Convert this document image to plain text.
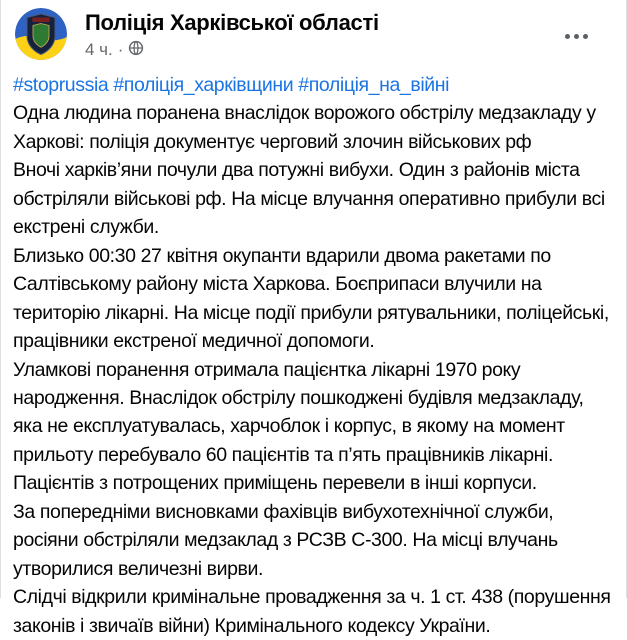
Поліція Харківської області
4 ч. ·
#stoprussia #поліція_харківщини #поліція_на_війні
Одна людина поранена внаслідок ворожого обстрілу медзакладу у Харкові: поліція документує черговий злочин військових рф
Вночі харків’яни почули два потужні вибухи. Один з районів міста обстріляли військові рф. На місце влучання оперативно прибули всі екстрені служби.
Близько 00:30 27 квітня окупанти вдарили двома ракетами по Салтівському району міста Харкова. Боєприпаси влучили на територію лікарні. На місце події прибули рятувальники, поліцейські, працівники екстреної медичної допомоги.
Уламкові поранення отримала пацієнтка лікарні 1970 року народження. Внаслідок обстрілу пошкоджені будівля медзакладу, яка не експлуатувалась, харчоблок і корпус, в якому на момент прильоту перебувало 60 пацієнтів та п’ять працівників лікарні.
Пацієнтів з потрощених приміщень перевели в інші корпуси.
За попередніми висновками фахівців вибухотехнічної служби, росіяни обстріляли медзаклад з РСЗВ С-300. На місці влучань утворилися величезні вирви.
Слідчі відкрили кримінальне провадження за ч. 1 ст. 438 (порушення законів і звичаїв війни) Кримінального кодексу України.
